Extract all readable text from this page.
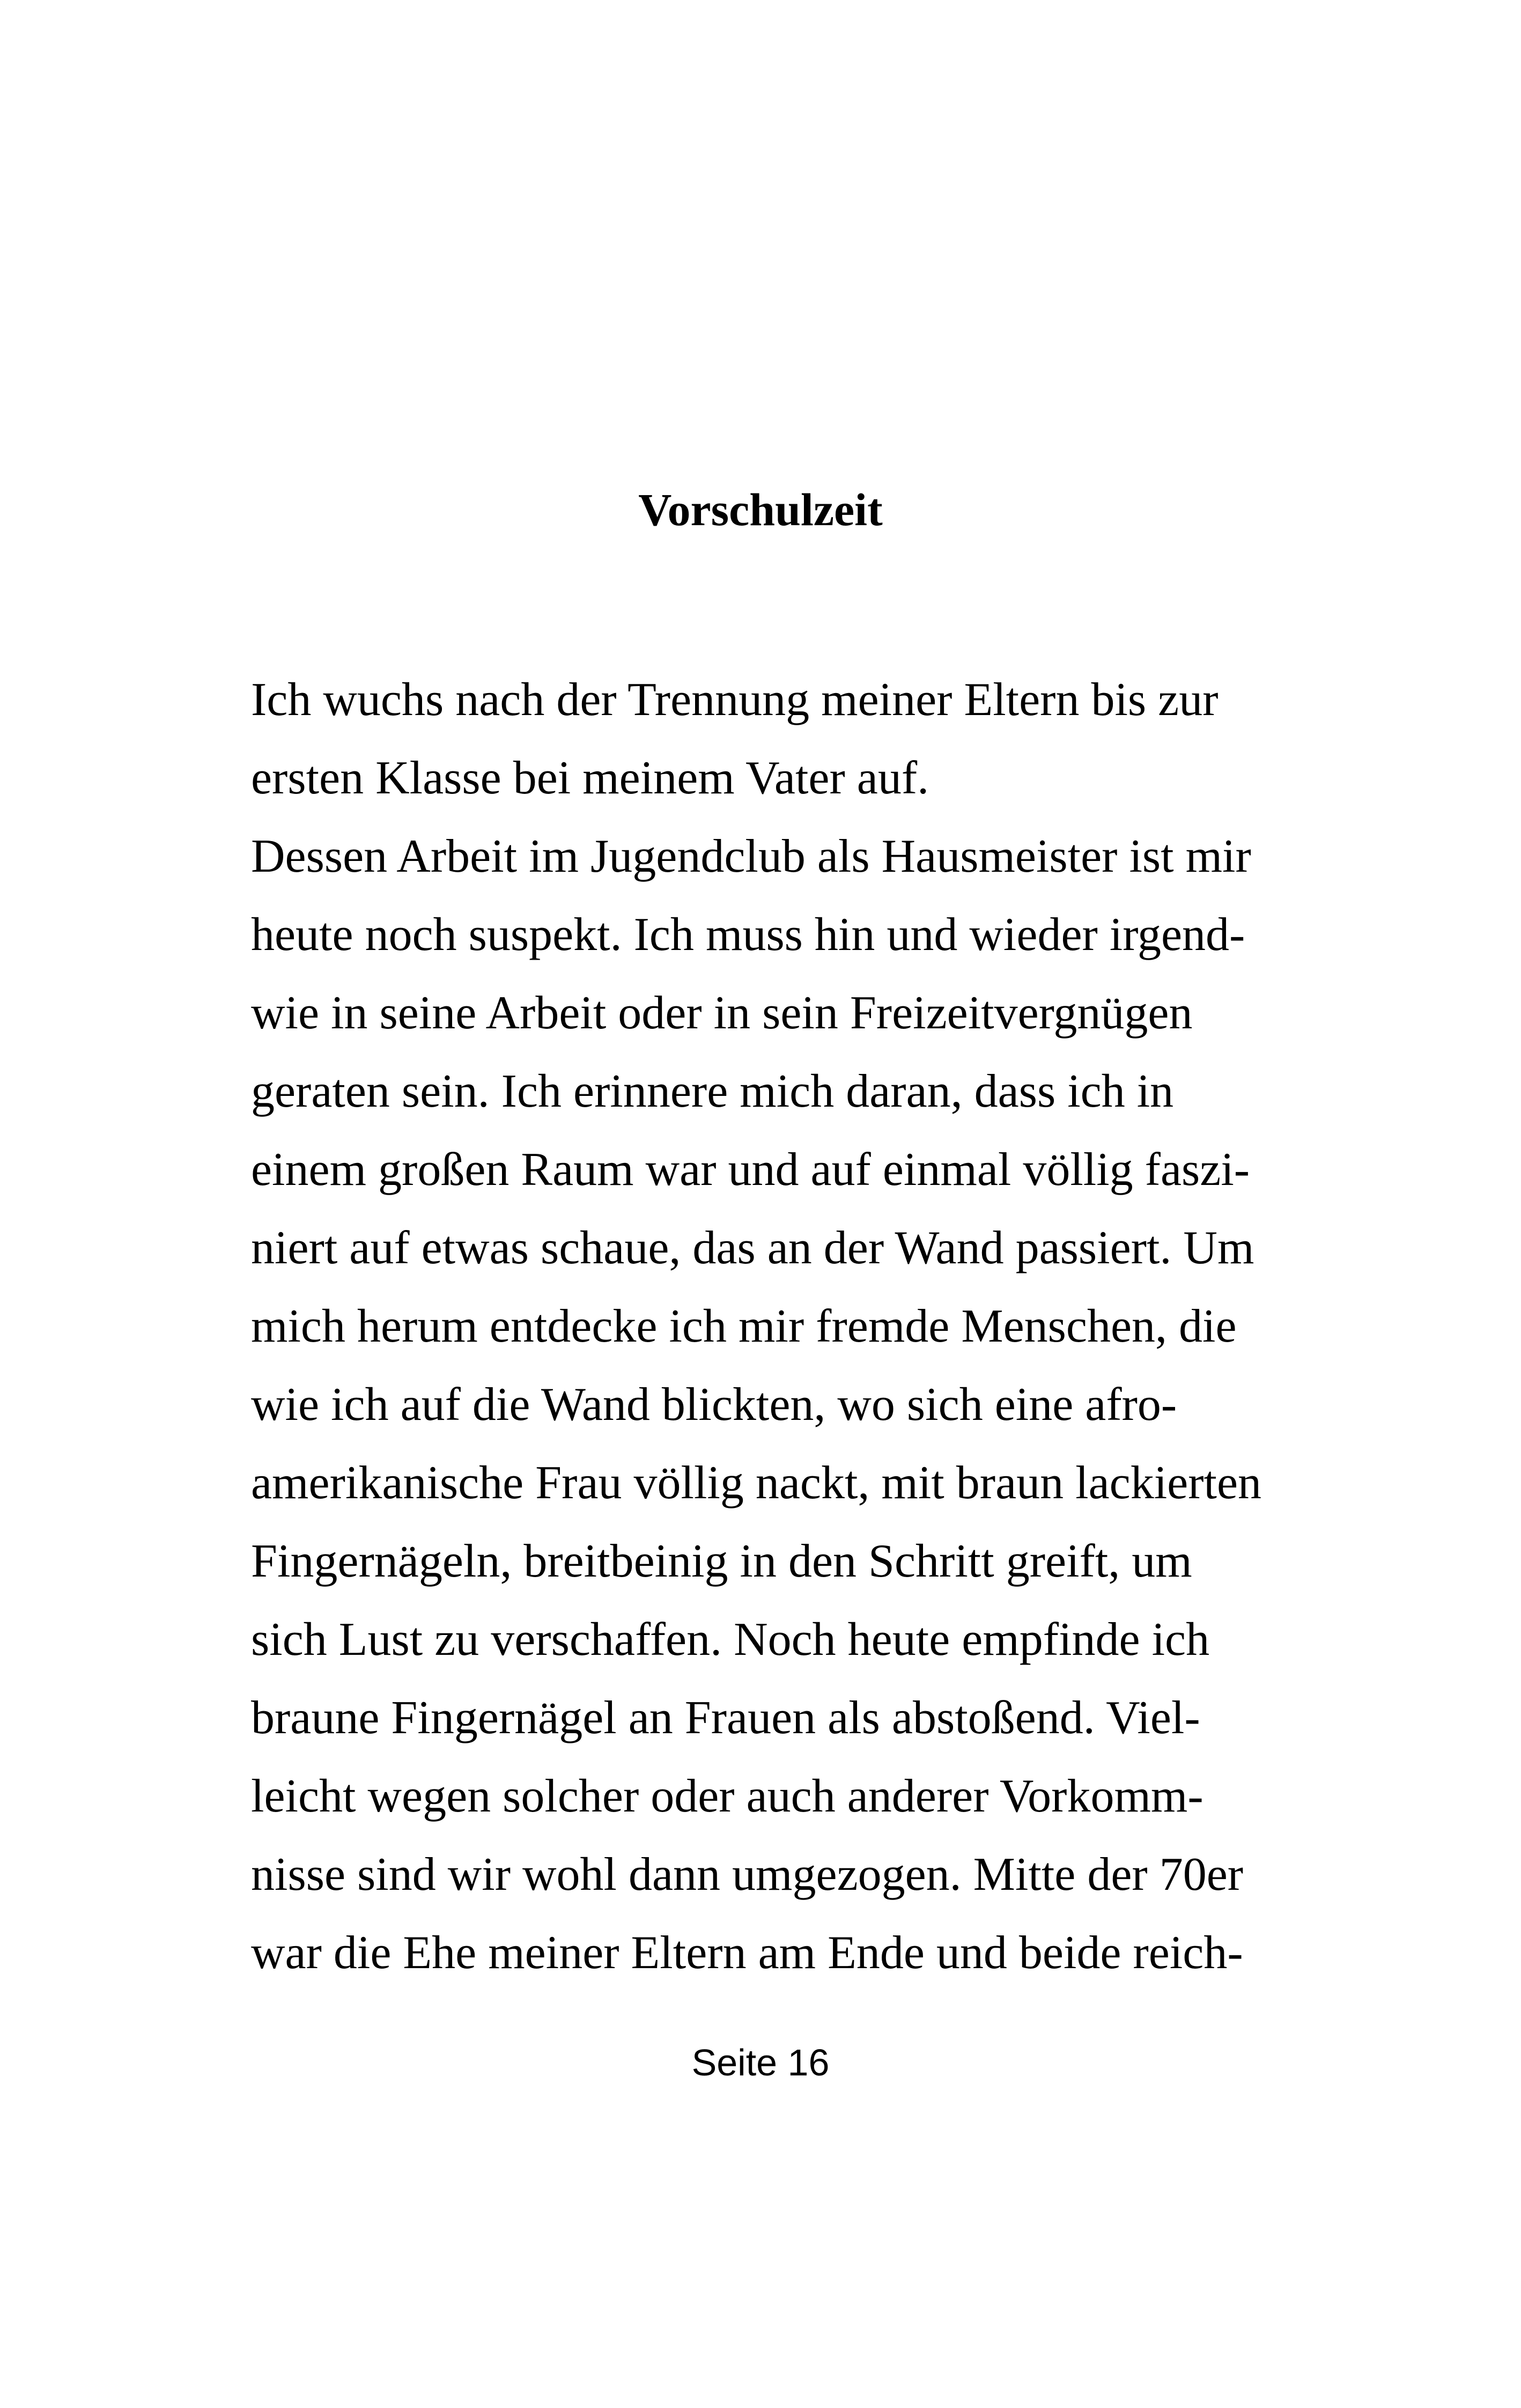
Vorschulzeit
Ich wuchs nach der Trennung meiner Eltern bis zur
ersten Klasse bei meinem Vater auf.
Dessen Arbeit im Jugendclub als Hausmeister ist mir
heute noch suspekt. Ich muss hin und wieder irgend-
wie in seine Arbeit oder in sein Freizeitvergnügen
geraten sein. Ich erinnere mich daran, dass ich in
einem großen Raum war und auf einmal völlig faszi-
niert auf etwas schaue, das an der Wand passiert. Um
mich herum entdecke ich mir fremde Menschen, die
wie ich auf die Wand blickten, wo sich eine afro-
amerikanische Frau völlig nackt, mit braun lackierten
Fingernägeln, breitbeinig in den Schritt greift, um
sich Lust zu verschaffen. Noch heute empfinde ich
braune Fingernägel an Frauen als abstoßend. Viel-
leicht wegen solcher oder auch anderer Vorkomm-
nisse sind wir wohl dann umgezogen. Mitte der 70er
war die Ehe meiner Eltern am Ende und beide reich-
Seite 16
